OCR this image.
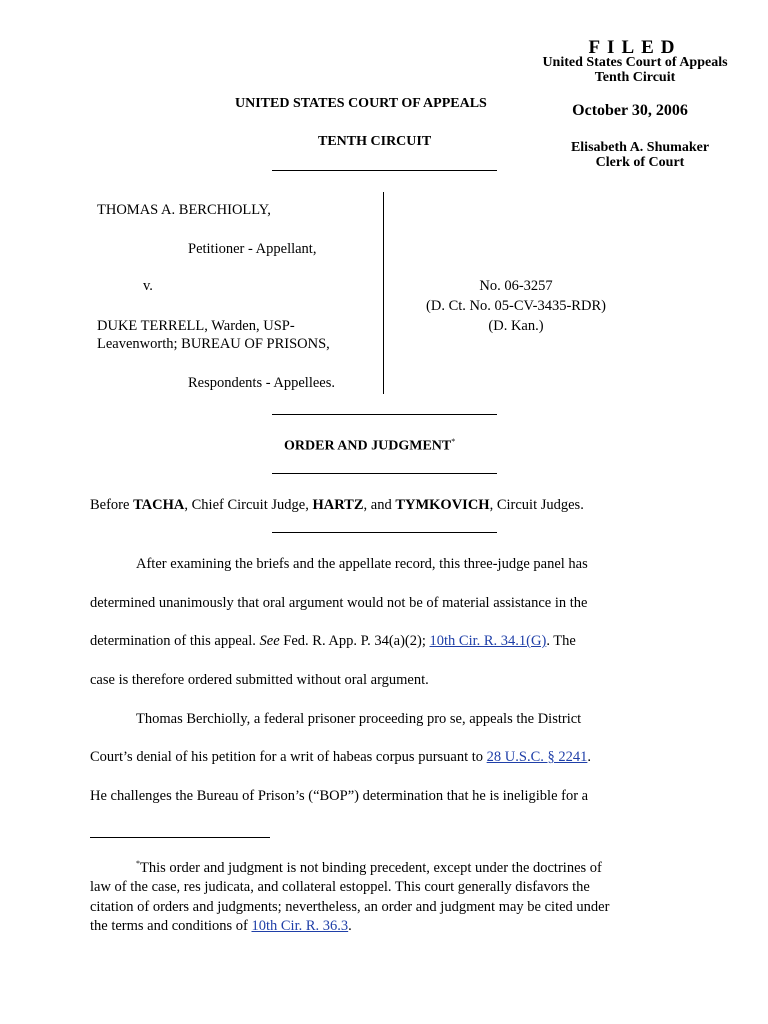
FILED
United States Court of Appeals
Tenth Circuit
October 30, 2006
Elisabeth A. Shumaker
Clerk of Court
UNITED STATES COURT OF APPEALS
TENTH CIRCUIT
THOMAS A. BERCHIOLLY,
Petitioner - Appellant,
v.
DUKE TERRELL, Warden, USP-
Leavenworth; BUREAU OF PRISONS,
Respondents - Appellees.
No. 06-3257
(D. Ct. No. 05-CV-3435-RDR)
(D. Kan.)
ORDER AND JUDGMENT*
Before TACHA, Chief Circuit Judge, HARTZ, and TYMKOVICH, Circuit Judges.
After examining the briefs and the appellate record, this three-judge panel has
determined unanimously that oral argument would not be of material assistance in the
determination of this appeal. See Fed. R. App. P. 34(a)(2); 10th Cir. R. 34.1(G). The
case is therefore ordered submitted without oral argument.
Thomas Berchiolly, a federal prisoner proceeding pro se, appeals the District
Court’s denial of his petition for a writ of habeas corpus pursuant to 28 U.S.C. § 2241.
He challenges the Bureau of Prison’s (“BOP”) determination that he is ineligible for a
*This order and judgment is not binding precedent, except under the doctrines of
law of the case, res judicata, and collateral estoppel. This court generally disfavors the
citation of orders and judgments; nevertheless, an order and judgment may be cited under
the terms and conditions of 10th Cir. R. 36.3.
